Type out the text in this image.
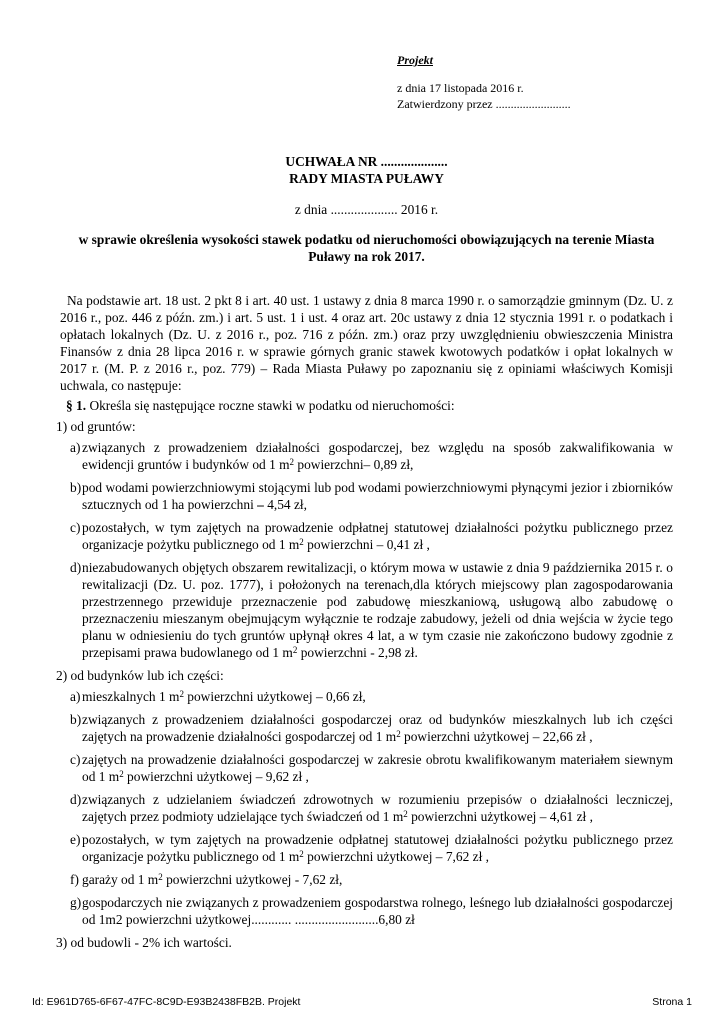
Projekt
z dnia 17 listopada 2016 r.
Zatwierdzony przez .........................
UCHWAŁA NR ....................
RADY MIASTA PUŁAWY
z dnia .................... 2016 r.
w sprawie określenia wysokości stawek podatku od nieruchomości obowiązujących na terenie Miasta Puławy na rok 2017.

Na podstawie art. 18 ust. 2 pkt 8 i art. 40 ust. 1 ustawy z dnia 8 marca 1990 r. o samorządzie gminnym (Dz. U. z 2016 r., poz. 446 z późn. zm.) i art. 5 ust. 1 i ust. 4 oraz art. 20c ustawy z dnia 12 stycznia 1991 r. o podatkach i opłatach lokalnych (Dz. U. z 2016 r., poz. 716 z późn. zm.) oraz przy uwzględnieniu obwieszczenia Ministra Finansów z dnia 28 lipca 2016 r. w sprawie górnych granic stawek kwotowych podatków i opłat lokalnych w 2017 r. (M. P. z 2016 r., poz. 779) – Rada Miasta Puławy po zapoznaniu się z opiniami właściwych Komisji uchwala, co następuje:

§ 1. Określa się następujące roczne stawki w podatku od nieruchomości:

1) od gruntów:

a) związanych z prowadzeniem działalności gospodarczej, bez względu na sposób zakwalifikowania w ewidencji gruntów i budynków od 1 $m^2$ powierzchni– 0,89 zł,
b) pod wodami powierzchniowymi stojącymi lub pod wodami powierzchniowymi płynącymi jezior i zbiorników sztucznych od 1 ha powierzchni – 4,54 zł,
c) pozostałych, w tym zajętych na prowadzenie odpłatnej statutowej działalności pożytku publicznego przez organizacje pożytku publicznego od 1 $m^2$ powierzchni – 0,41 zł ,
d) niezabudowanych objętych obszarem rewitalizacji, o którym mowa w ustawie z dnia 9 października 2015 r. o rewitalizacji (Dz. U. poz. 1777), i położonych na terenach,dla których miejscowy plan zagospodarowania przestrzennego przewiduje przeznaczenie pod zabudowę mieszkaniową, usługową albo zabudowę o przeznaczeniu mieszanym obejmującym wyłącznie te rodzaje zabudowy, jeżeli od dnia wejścia w życie tego planu w odniesieniu do tych gruntów upłynął okres 4 lat, a w tym czasie nie zakończono budowy zgodnie z przepisami prawa budowlanego od 1 $m^2$ powierzchni - 2,98 zł.

2) od budynków lub ich części:

a) mieszkalnych 1 $m^2$ powierzchni użytkowej – 0,66 zł,
b) związanych z prowadzeniem działalności gospodarczej oraz od budynków mieszkalnych lub ich części zajętych na prowadzenie działalności gospodarczej od 1 $m^2$ powierzchni użytkowej – 22,66 zł ,
c) zajętych na prowadzenie działalności gospodarczej w zakresie obrotu kwalifikowanym materiałem siewnym od 1 $m^2$ powierzchni użytkowej – 9,62 zł ,
d) związanych z udzielaniem świadczeń zdrowotnych w rozumieniu przepisów o działalności leczniczej, zajętych przez podmioty udzielające tych świadczeń od 1 $m^2$ powierzchni użytkowej – 4,61 zł ,
e) pozostałych, w tym zajętych na prowadzenie odpłatnej statutowej działalności pożytku publicznego przez organizacje pożytku publicznego od 1 $m^2$ powierzchni użytkowej – 7,62 zł ,
f) garaży od 1 $m^2$ powierzchni użytkowej - 7,62 zł,
g) gospodarczych nie związanych z prowadzeniem gospodarstwa rolnego, leśnego lub działalności gospodarczej od 1m2 powierzchni użytkowej............ .........................6,80 zł

3) od budowli - 2% ich wartości.

Id: E961D765-6F67-47FC-8C9D-E93B2438FB2B. Projekt	Strona 1
